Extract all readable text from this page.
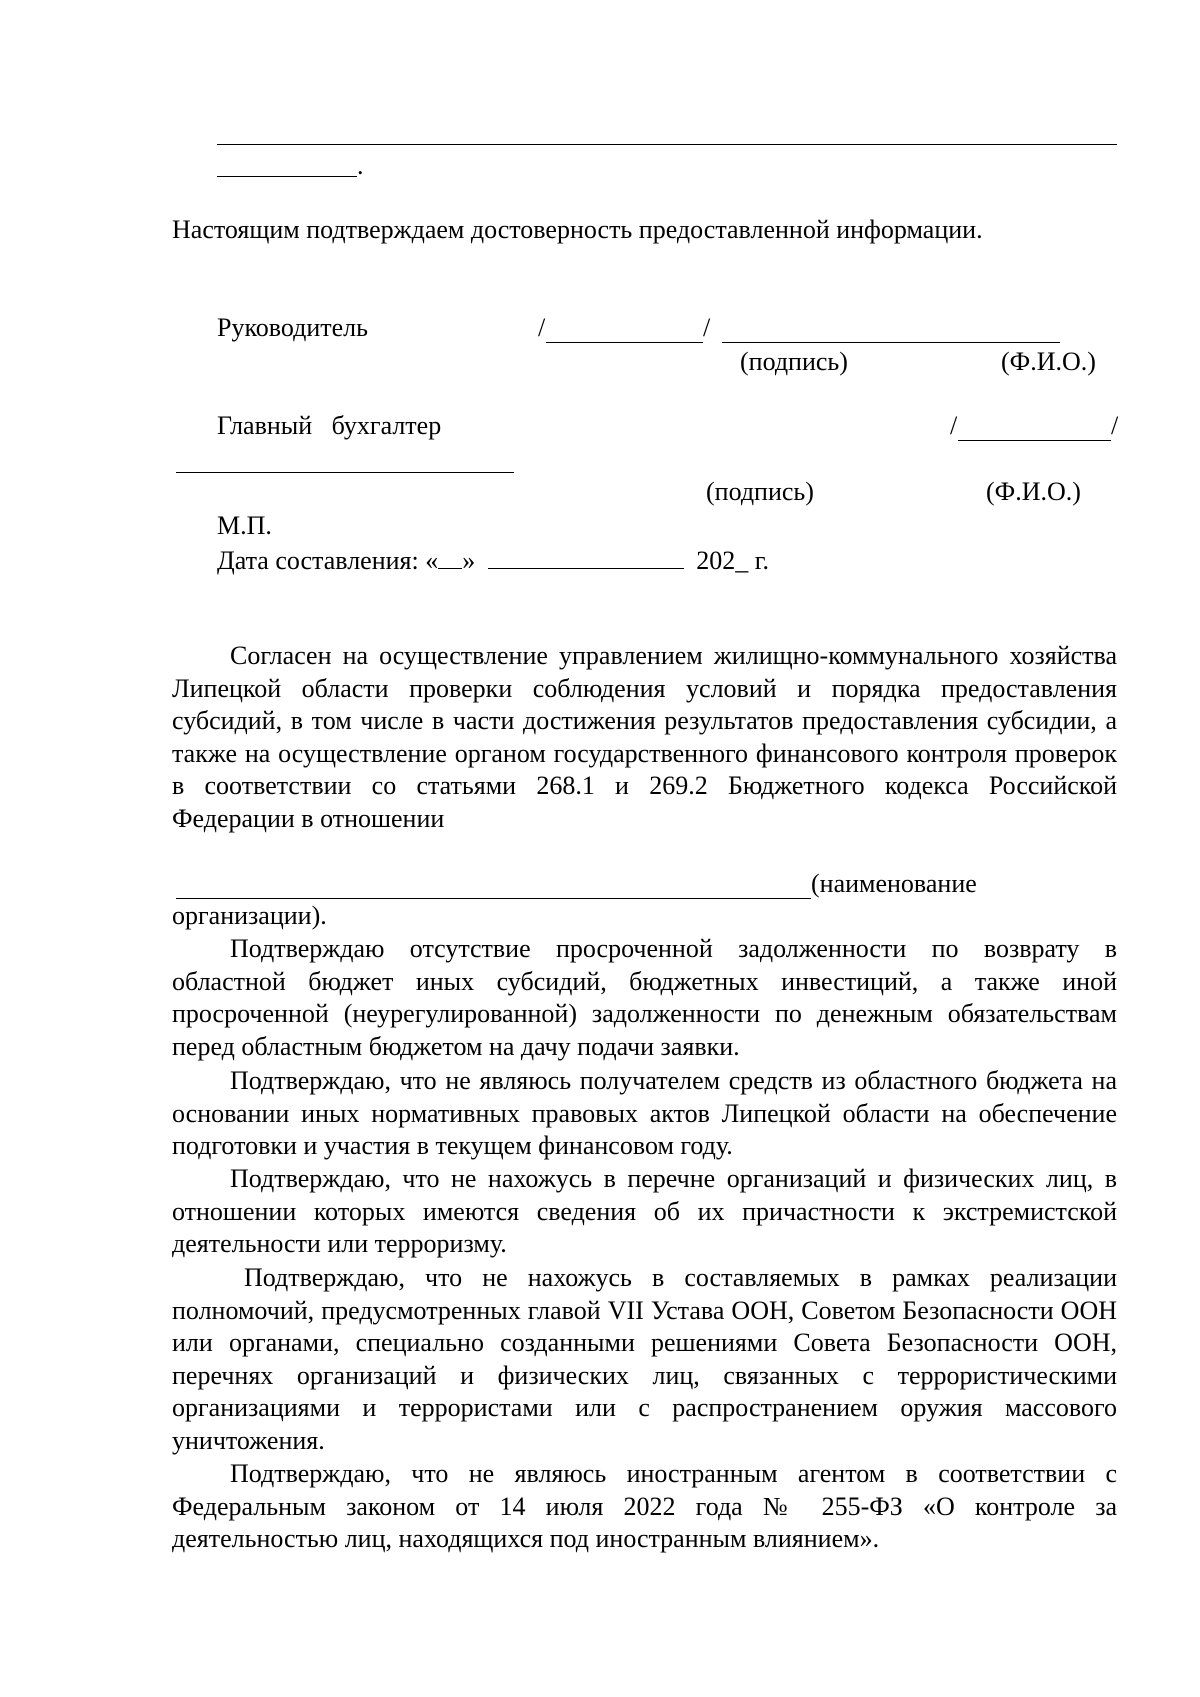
.
Настоящим подтверждаем достоверность предоставленной информации.
Руководитель	/	/
(подпись)	(Ф.И.О.)
Главный   бухгалтер	/	/
(подпись)	(Ф.И.О.)
М.П.
Дата составления: « »	202_ г.
Согласен на осуществление управлением жилищно-коммунального хозяйства Липецкой области проверки соблюдения условий и порядка предоставления субсидий, в том числе в части достижения результатов предоставления субсидии, а также на осуществление органом государственного финансового контроля проверок в соответствии со статьями 268.1 и 269.2 Бюджетного кодекса Российской Федерации в отношении
(наименование
организации).
Подтверждаю отсутствие просроченной задолженности по возврату в областной бюджет иных субсидий, бюджетных инвестиций, а также иной просроченной (неурегулированной) задолженности по денежным обязательствам перед областным бюджетом на дачу подачи заявки.
Подтверждаю, что не являюсь получателем средств из областного бюджета на основании иных нормативных правовых актов Липецкой области на обеспечение подготовки и участия в текущем финансовом году.
Подтверждаю, что не нахожусь в перечне организаций и физических лиц, в отношении которых имеются сведения об их причастности к экстремистской деятельности или терроризму.
Подтверждаю, что не нахожусь в составляемых в рамках реализации полномочий, предусмотренных главой VII Устава ООН, Советом Безопасности ООН или органами, специально созданными решениями Совета Безопасности ООН, перечнях организаций и физических лиц, связанных с террористическими организациями и террористами или с распространением оружия массового уничтожения.
Подтверждаю, что не являюсь иностранным агентом в соответствии с Федеральным законом от 14 июля 2022 года № 255-ФЗ «О контроле за деятельностью лиц, находящихся под иностранным влиянием».
